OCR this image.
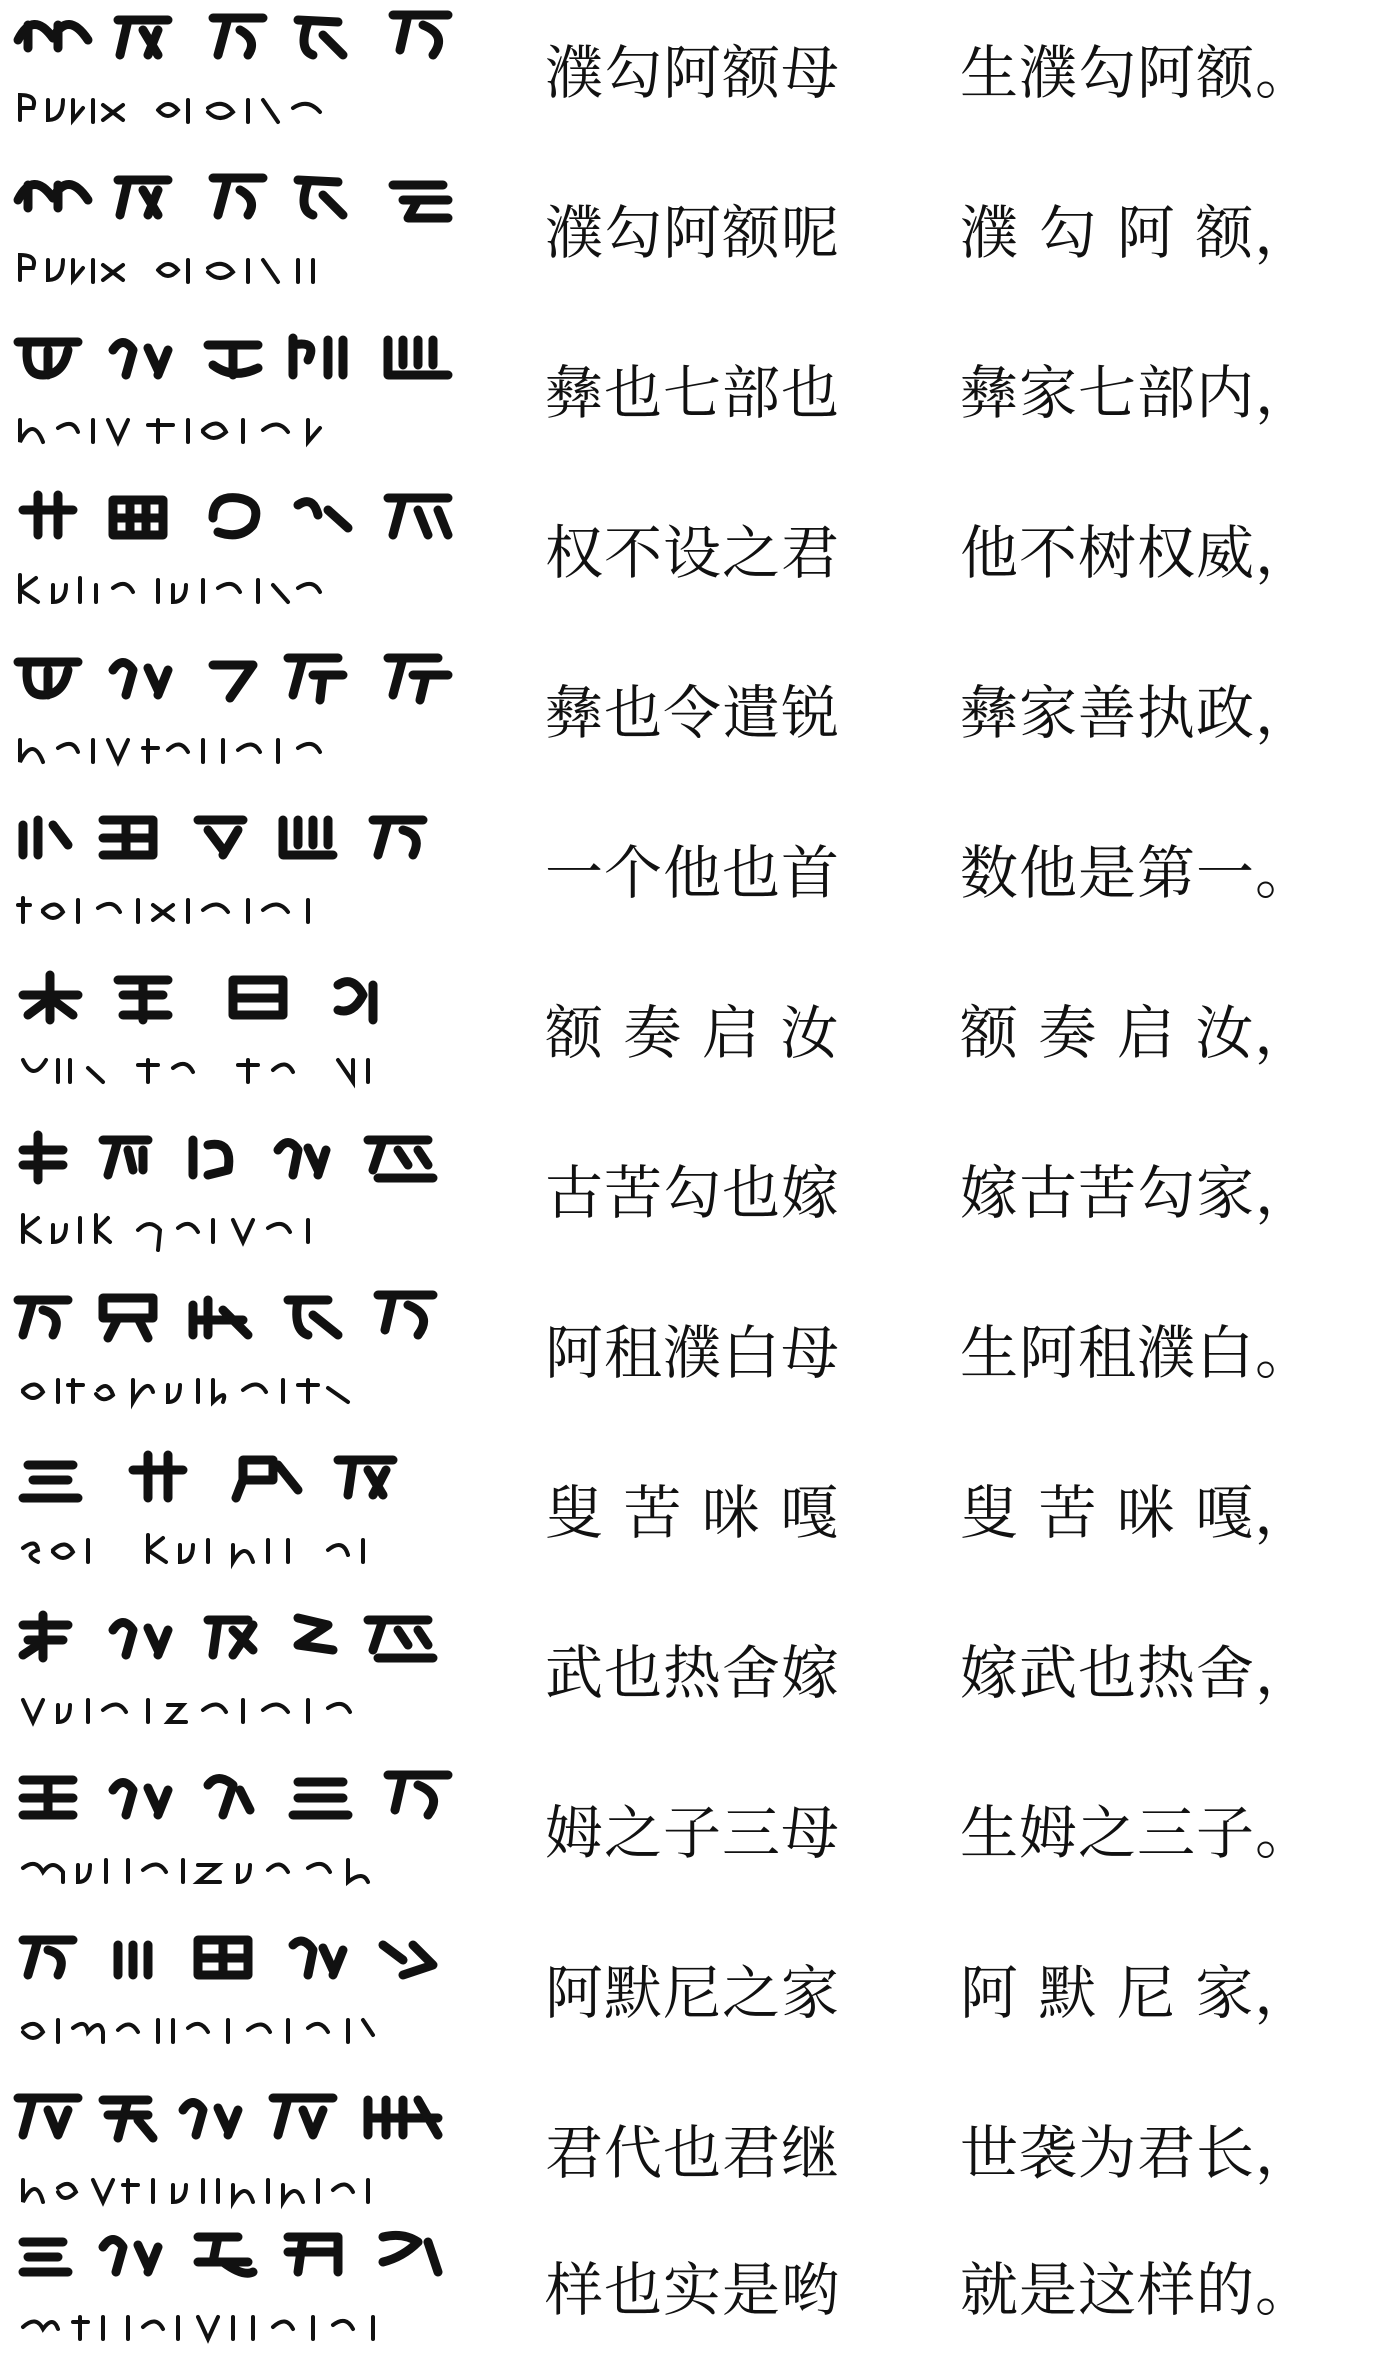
濮勾阿额母 生濮勾阿额。
濮勾阿额呢 濮 勾 阿 额，
彝也七部也 彝家七部内，
权不设之君 他不树权威，
彝也令遣锐 彝家善执政，
一个他也首 数他是第一。
额 奏 启 汝 额 奏 启 汝，
古苦勾也嫁 嫁古苦勾家，
阿租濮白母 生阿租濮白。
叟 苦 咪 嘎 叟 苦 咪 嘎，
武也热舍嫁 嫁武也热舍，
姆之子三母 生姆之三子。
阿默尼之家 阿 默 尼 家，
君代也君继 世袭为君长，
样也实是哟 就是这样的。
